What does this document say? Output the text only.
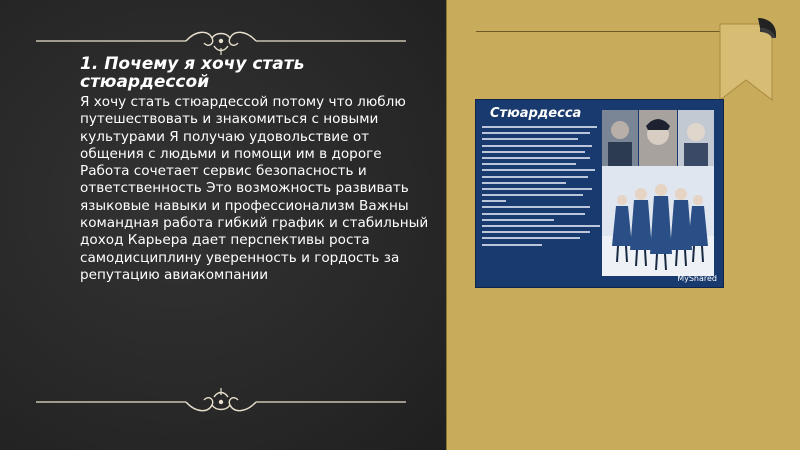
1. Почему я хочу стать стюардессой

Я хочу стать стюардессой потому что люблю путешествовать и знакомиться с новыми культурами Я получаю удовольствие от общения с людьми и помощи им в дороге Работа сочетает сервис безопасность и ответственность Это возможность развивать языковые навыки и профессионализм Важны командная работа гибкий график и стабильный доход Карьера дает перспективы роста самодисциплину уверенность и гордость за репутацию авиакомпании

Стюардесса
MyShared
